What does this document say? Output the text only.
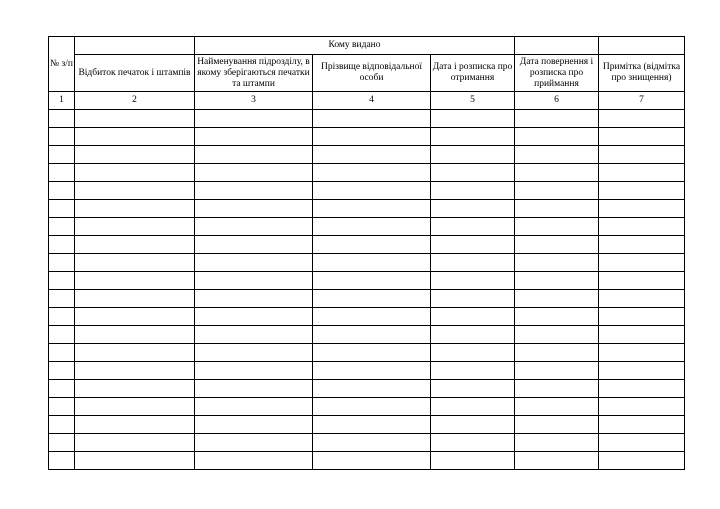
№ з/п		Кому видано				
	Відбиток печаток і штампів	Найменування підрозділу, в якому зберігаються печатки та штампи	Прізвище відповідальної особи	Дата і розписка про отримання	Дата повернення і розписка про приймання	Примітка (відмітка про знищення)
1	2	3	4	5	6	7
